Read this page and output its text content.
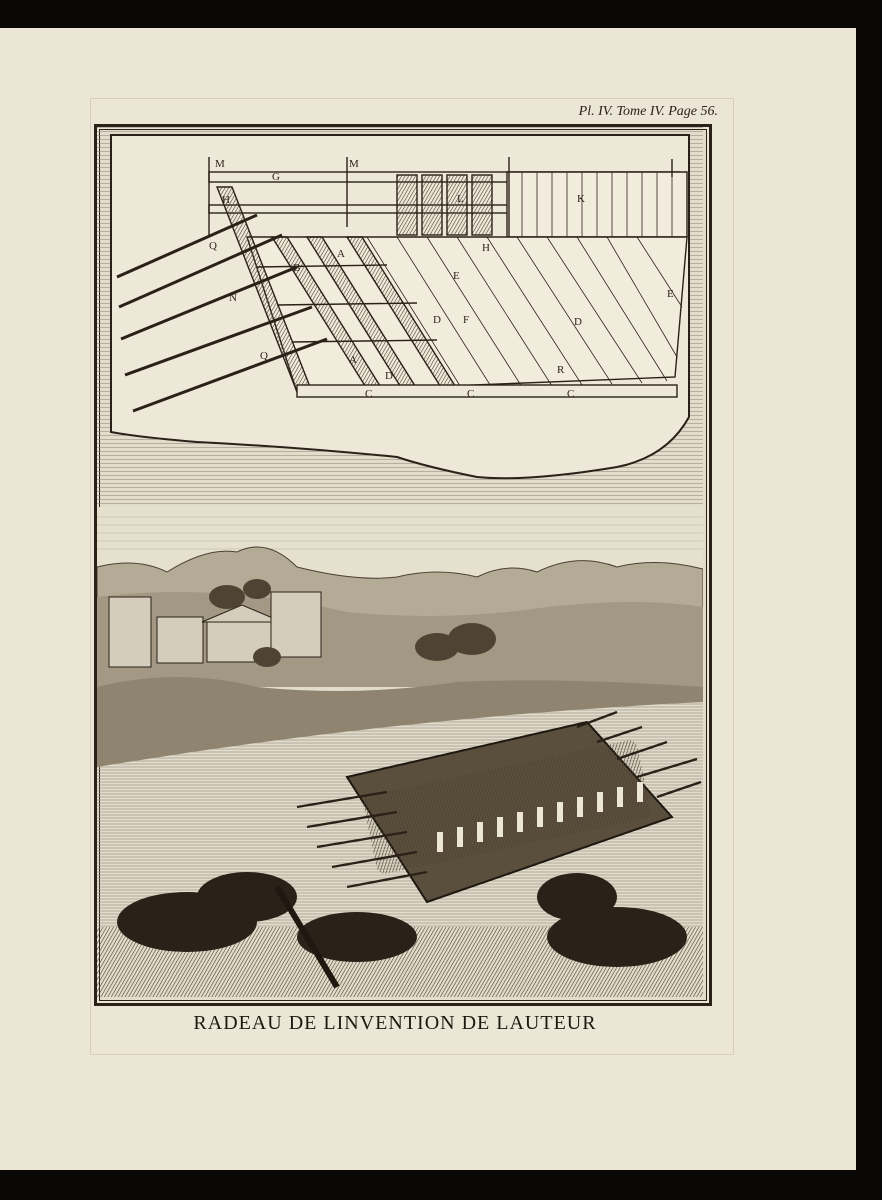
Pl. IV. Tome IV. Page 56.
M	M
G
H	L	K
H
A
B
Q
N
E
D F	D
E
Q	A
D	R
C	C	C
RADEAU DE LINVENTION DE LAUTEUR
